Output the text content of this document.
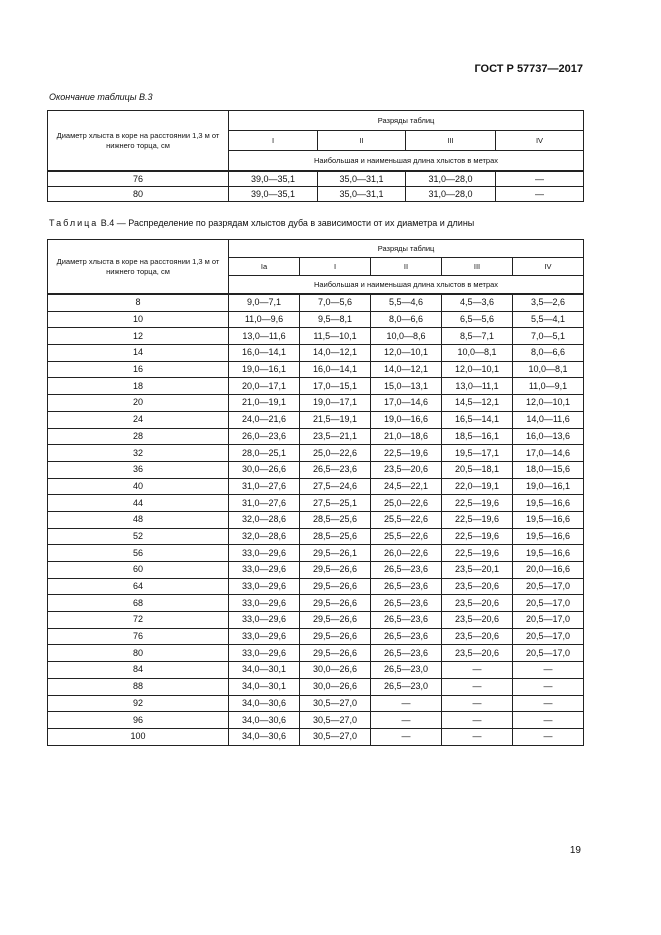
ГОСТ Р 57737—2017
Окончание таблицы В.3
Диаметр хлыста в коре на расстоянии 1,3 м от нижнего торца, см	Разряды таблиц			
	I	II	III	IV
	Наибольшая и наименьшая длина хлыстов в метрах			
76	39,0—35,1	35,0—31,1	31,0—28,0	—
80	39,0—35,1	35,0—31,1	31,0—28,0	—
Таблица В.4 — Распределение по разрядам хлыстов дуба в зависимости от их диаметра и длины
Диаметр хлыста в коре на расстоянии 1,3 м от нижнего торца, см	Разряды таблиц				
	Iа	I	II	III	IV
	Наибольшая и наименьшая длина хлыстов в метрах				
8	9,0—7,1	7,0—5,6	5,5—4,6	4,5—3,6	3,5—2,6
10	11,0—9,6	9,5—8,1	8,0—6,6	6,5—5,6	5,5—4,1
12	13,0—11,6	11,5—10,1	10,0—8,6	8,5—7,1	7,0—5,1
14	16,0—14,1	14,0—12,1	12,0—10,1	10,0—8,1	8,0—6,6
16	19,0—16,1	16,0—14,1	14,0—12,1	12,0—10,1	10,0—8,1
18	20,0—17,1	17,0—15,1	15,0—13,1	13,0—11,1	11,0—9,1
20	21,0—19,1	19,0—17,1	17,0—14,6	14,5—12,1	12,0—10,1
24	24,0—21,6	21,5—19,1	19,0—16,6	16,5—14,1	14,0—11,6
28	26,0—23,6	23,5—21,1	21,0—18,6	18,5—16,1	16,0—13,6
32	28,0—25,1	25,0—22,6	22,5—19,6	19,5—17,1	17,0—14,6
36	30,0—26,6	26,5—23,6	23,5—20,6	20,5—18,1	18,0—15,6
40	31,0—27,6	27,5—24,6	24,5—22,1	22,0—19,1	19,0—16,1
44	31,0—27,6	27,5—25,1	25,0—22,6	22,5—19,6	19,5—16,6
48	32,0—28,6	28,5—25,6	25,5—22,6	22,5—19,6	19,5—16,6
52	32,0—28,6	28,5—25,6	25,5—22,6	22,5—19,6	19,5—16,6
56	33,0—29,6	29,5—26,1	26,0—22,6	22,5—19,6	19,5—16,6
60	33,0—29,6	29,5—26,6	26,5—23,6	23,5—20,1	20,0—16,6
64	33,0—29,6	29,5—26,6	26,5—23,6	23,5—20,6	20,5—17,0
68	33,0—29,6	29,5—26,6	26,5—23,6	23,5—20,6	20,5—17,0
72	33,0—29,6	29,5—26,6	26,5—23,6	23,5—20,6	20,5—17,0
76	33,0—29,6	29,5—26,6	26,5—23,6	23,5—20,6	20,5—17,0
80	33,0—29,6	29,5—26,6	26,5—23,6	23,5—20,6	20,5—17,0
84	34,0—30,1	30,0—26,6	26,5—23,0	—	—
88	34,0—30,1	30,0—26,6	26,5—23,0	—	—
92	34,0—30,6	30,5—27,0	—	—	—
96	34,0—30,6	30,5—27,0	—	—	—
100	34,0—30,6	30,5—27,0	—	—	—
19
